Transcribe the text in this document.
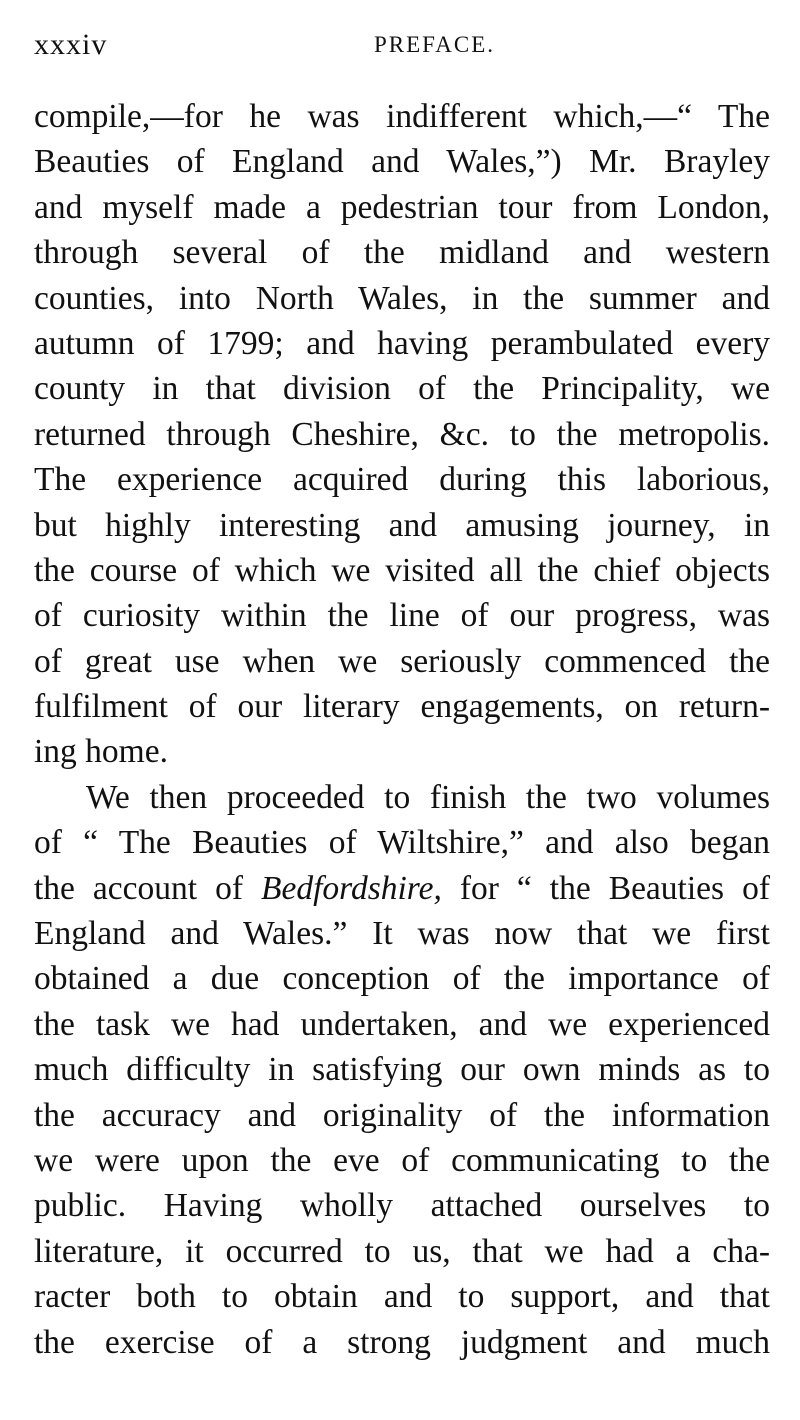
xxxiv	PREFACE.
compile,—for he was indifferent which,—“ The
Beauties of England and Wales,”) Mr. Brayley
and myself made a pedestrian tour from London,
through several of the midland and western
counties, into North Wales, in the summer and
autumn of 1799; and having perambulated every
county in that division of the Principality, we
returned through Cheshire, &c. to the metropolis.
The experience acquired during this laborious,
but highly interesting and amusing journey, in
the course of which we visited all the chief objects
of curiosity within the line of our progress, was
of great use when we seriously commenced the
fulfilment of our literary engagements, on return-
ing home.
We then proceeded to finish the two volumes
of “ The Beauties of Wiltshire,” and also began
the account of Bedfordshire, for “ the Beauties of
England and Wales.” It was now that we first
obtained a due conception of the importance of
the task we had undertaken, and we experienced
much difficulty in satisfying our own minds as to
the accuracy and originality of the information
we were upon the eve of communicating to the
public. Having wholly attached ourselves to
literature, it occurred to us, that we had a cha-
racter both to obtain and to support, and that
the exercise of a strong judgment and much
